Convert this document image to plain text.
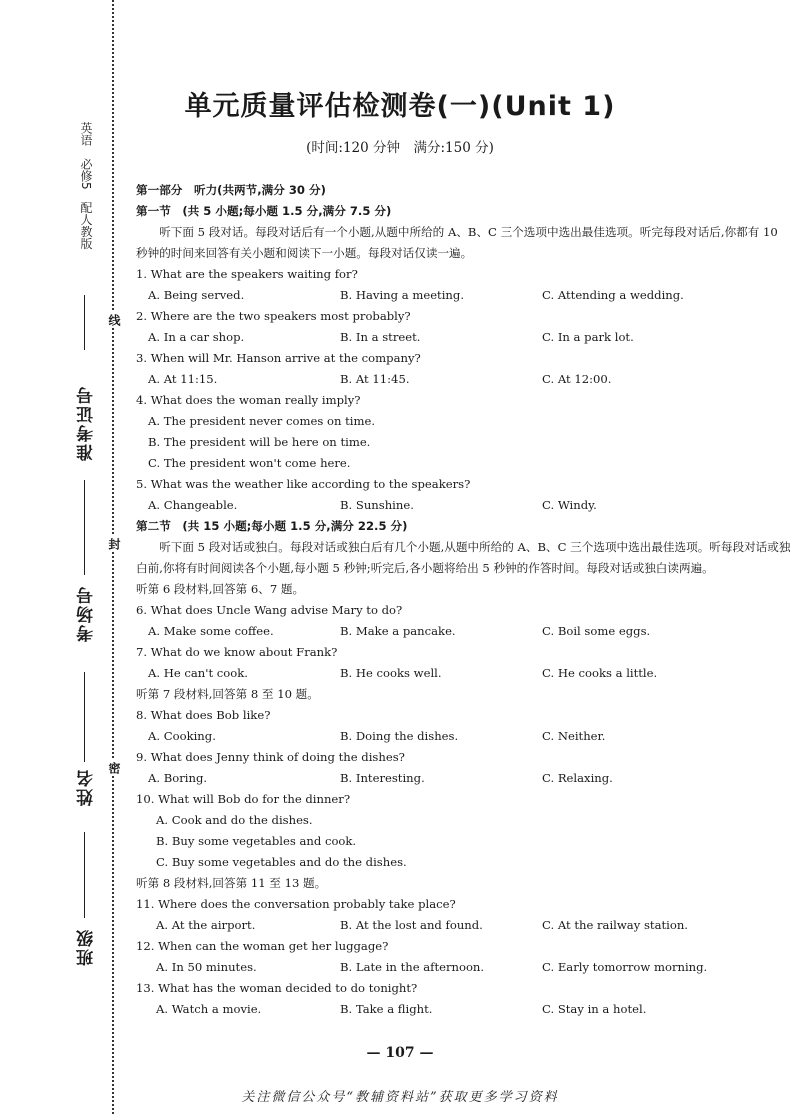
英语　必修5　配人教版
准考证号
考场号
姓名
班级
线
封
密
单元质量评估检测卷(一)(Unit 1)
(时间:120 分钟　满分:150 分)
第一部分　听力(共两节,满分 30 分)
第一节　(共 5 小题;每小题 1.5 分,满分 7.5 分)
听下面 5 段对话。每段对话后有一个小题,从题中所给的 A、B、C 三个选项中选出最佳选项。听完每段对话后,你都有 10 秒钟的时间来回答有关小题和阅读下一小题。每段对话仅读一遍。
1. What are the speakers waiting for?
A. Being served.	B. Having a meeting.	C. Attending a wedding.
2. Where are the two speakers most probably?
A. In a car shop.	B. In a street.	C. In a park lot.
3. When will Mr. Hanson arrive at the company?
A. At 11:15.	B. At 11:45.	C. At 12:00.
4. What does the woman really imply?
A. The president never comes on time.
B. The president will be here on time.
C. The president won't come here.
5. What was the weather like according to the speakers?
A. Changeable.	B. Sunshine.	C. Windy.
第二节　(共 15 小题;每小题 1.5 分,满分 22.5 分)
听下面 5 段对话或独白。每段对话或独白后有几个小题,从题中所给的 A、B、C 三个选项中选出最佳选项。听每段对话或独白前,你将有时间阅读各个小题,每小题 5 秒钟;听完后,各小题将给出 5 秒钟的作答时间。每段对话或独白读两遍。
听第 6 段材料,回答第 6、7 题。
6. What does Uncle Wang advise Mary to do?
A. Make some coffee.	B. Make a pancake.	C. Boil some eggs.
7. What do we know about Frank?
A. He can't cook.	B. He cooks well.	C. He cooks a little.
听第 7 段材料,回答第 8 至 10 题。
8. What does Bob like?
A. Cooking.	B. Doing the dishes.	C. Neither.
9. What does Jenny think of doing the dishes?
A. Boring.	B. Interesting.	C. Relaxing.
10. What will Bob do for the dinner?
A. Cook and do the dishes.
B. Buy some vegetables and cook.
C. Buy some vegetables and do the dishes.
听第 8 段材料,回答第 11 至 13 题。
11. Where does the conversation probably take place?
A. At the airport.	B. At the lost and found.	C. At the railway station.
12. When can the woman get her luggage?
A. In 50 minutes.	B. Late in the afternoon.	C. Early tomorrow morning.
13. What has the woman decided to do tonight?
A. Watch a movie.	B. Take a flight.	C. Stay in a hotel.
— 107 —
关注微信公众号“教辅资料站”获取更多学习资料
